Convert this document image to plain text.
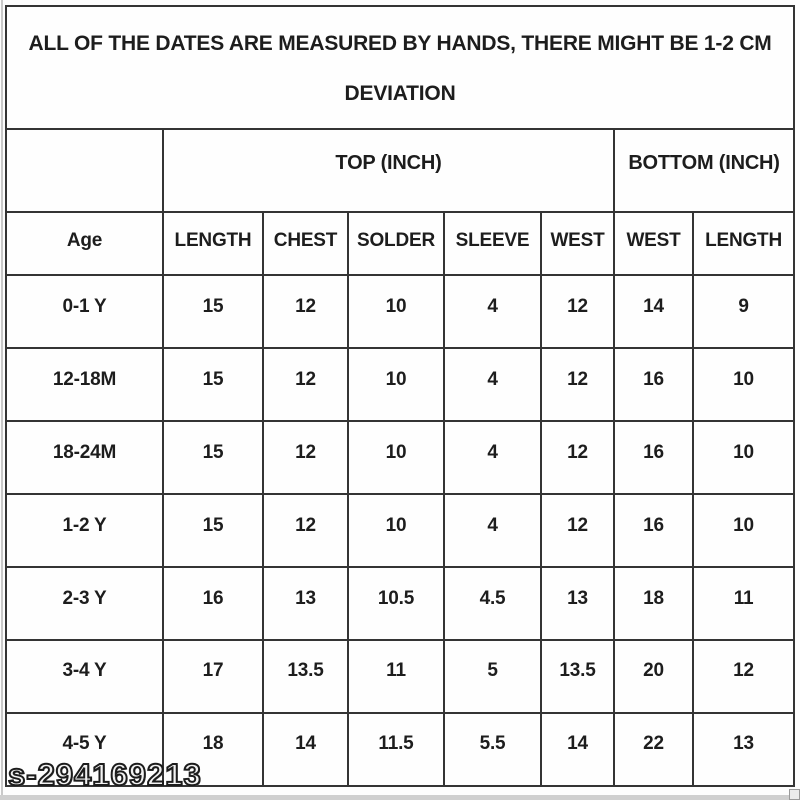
ALL OF THE DATES ARE MEASURED BY HANDS, THERE MIGHT BE 1-2 CM
DEVIATION							

	TOP (INCH)					BOTTOM (INCH)	
Age	LENGTH	CHEST	SOLDER	SLEEVE	WEST	WEST	LENGTH
0-1 Y	15	12	10	4	12	14	9
12-18M	15	12	10	4	12	16	10
18-24M	15	12	10	4	12	16	10
1-2 Y	15	12	10	4	12	16	10
2-3 Y	16	13	10.5	4.5	13	18	11
3-4 Y	17	13.5	11	5	13.5	20	12
4-5 Y	18	14	11.5	5.5	14	22	13
s-294169213
